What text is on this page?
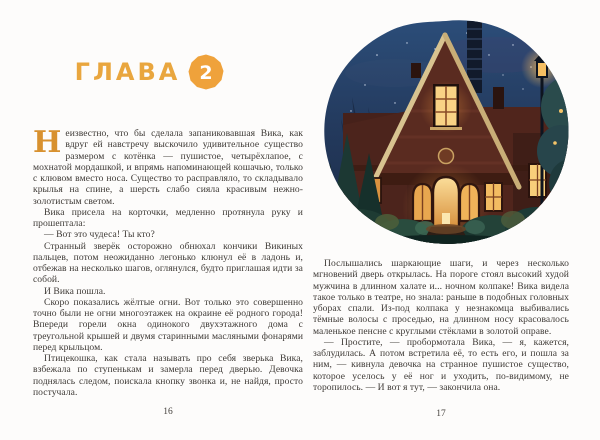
ГЛАВА 2

Неизвестно, что бы сделала запаниковавшая Вика, как вдруг ей навстречу выскочило удивительное существо размером с котёнка — пушистое, четырёхлапое, с мохнатой мордашкой, и впрямь напоминающей кошачью, только с клювом вместо носа. Существо то расправляло, то складывало крылья на спине, а шерсть слабо сияла красивым нежно-золотистым светом.

Вика присела на корточки, медленно протянула руку и прошептала:

— Вот это чудеса! Ты кто?

Странный зверёк осторожно обнюхал кончики Викиных пальцев, потом неожиданно легонько клюнул её в ладонь и, отбежав на несколько шагов, оглянулся, будто приглашая идти за собой.

И Вика пошла.

Скоро показались жёлтые огни. Вот только это совершенно точно были не огни многоэтажек на окраине её родного города! Впереди горели окна одинокого двухэтажного дома с треугольной крышей и двумя старинными масляными фонарями перед крыльцом.

Птицекошка, как стала называть про себя зверька Вика, взбежала по ступенькам и замерла перед дверью. Девочка поднялась следом, поискала кнопку звонка и, не найдя, просто постучала.

16

Послышались шаркающие шаги, и через несколько мгновений дверь открылась. На пороге стоял высокий худой мужчина в длинном халате и... ночном колпаке! Вика видела такое только в театре, но знала: раньше в подобных головных уборах спали. Из-под колпака у незнакомца выбивались тёмные волосы с проседью, на длинном носу красовалось маленькое пенсне с круглыми стёклами в золотой оправе.

— Простите, — пробормотала Вика, — я, кажется, заблудилась. А потом встретила её, то есть его, и пошла за ним, — кивнула девочка на странное пушистое существо, которое уселось у её ног и уходить, по-видимому, не торопилось. — И вот я тут, — закончила она.

17
